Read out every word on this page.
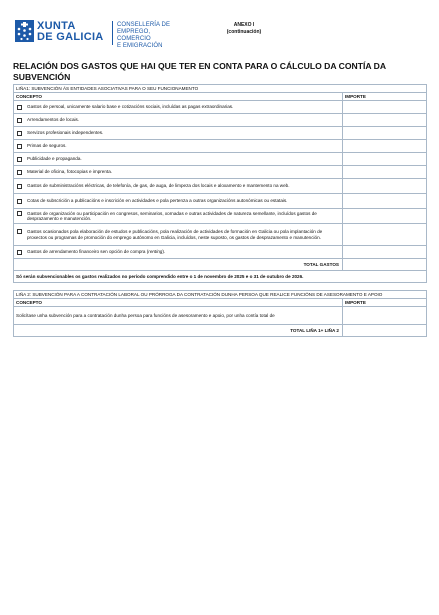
XUNTA
DE GALICIA
CONSELLERÍA DE
EMPREGO, COMERCIO
E EMIGRACIÓN
ANEXO I
(continuación)
RELACIÓN DOS GASTOS QUE HAI QUE TER EN CONTA PARA O CÁLCULO DA CONTÍA DA SUBVENCIÓN
LIÑA1: SUBVENCIÓN ÁS ENTIDADES ASOCIATIVAS PARA O SEU FUNCIONAMENTO	
CONCEPTO	IMPORTE

Gastos de persoal, unicamente salario base e cotizacións sociais, incluídas as pagas extraordinarias.	

Arrendamentos de locais.	

Servizos profesionais independentes.	

Primas de seguros.	

Publicidade e propaganda.	

Material de oficina, fotocopias e imprenta.	

Gastos de subministracións eléctricas, de telefonía, de gas, de auga, de limpeza dos locais e aloxamento e mantemento na web.	

Cotas de subscrición a publicacións e inscrición en actividades e pola pertenza a outras organizacións autonómicas ou estatais.	

Gastos de organización ou participación en congresos, seminarios, xornadas e outras actividades de natureza semellante, incluídos gastos de desprazamento e manutención.	

Gastos ocasionados pola elaboración de estudos e publicacións, pola realización de actividades de formación en Galicia ou pola implantación de proxectos ou programas de promoción do emprego autónomo en Galicia, incluídos, neste suposto, os gastos de desprazamento e manutención.	

Gastos de arrendamento financeiro sen opción de compra (renting).	

TOTAL GASTOS	
Só serán subvencionables os gastos realizados no período comprendido entre o 1 de novembro de 2025 e o 31 de outubro de 2026.	
LIÑA 2: SUBVENCIÓN PARA A CONTRATACIÓN LABORAL OU PRÓRROGA DA CONTRATACIÓN DUNHA PERSOA QUE REALICE FUNCIÓNS DE ASESORAMENTO E APOIO	
CONCEPTO	IMPORTE
Solicítase unha subvención para a contratación dunha persoa para funcións de asesoramento e apoio, por unha contía total de	
TOTAL LIÑA 1+ LIÑA 2	
